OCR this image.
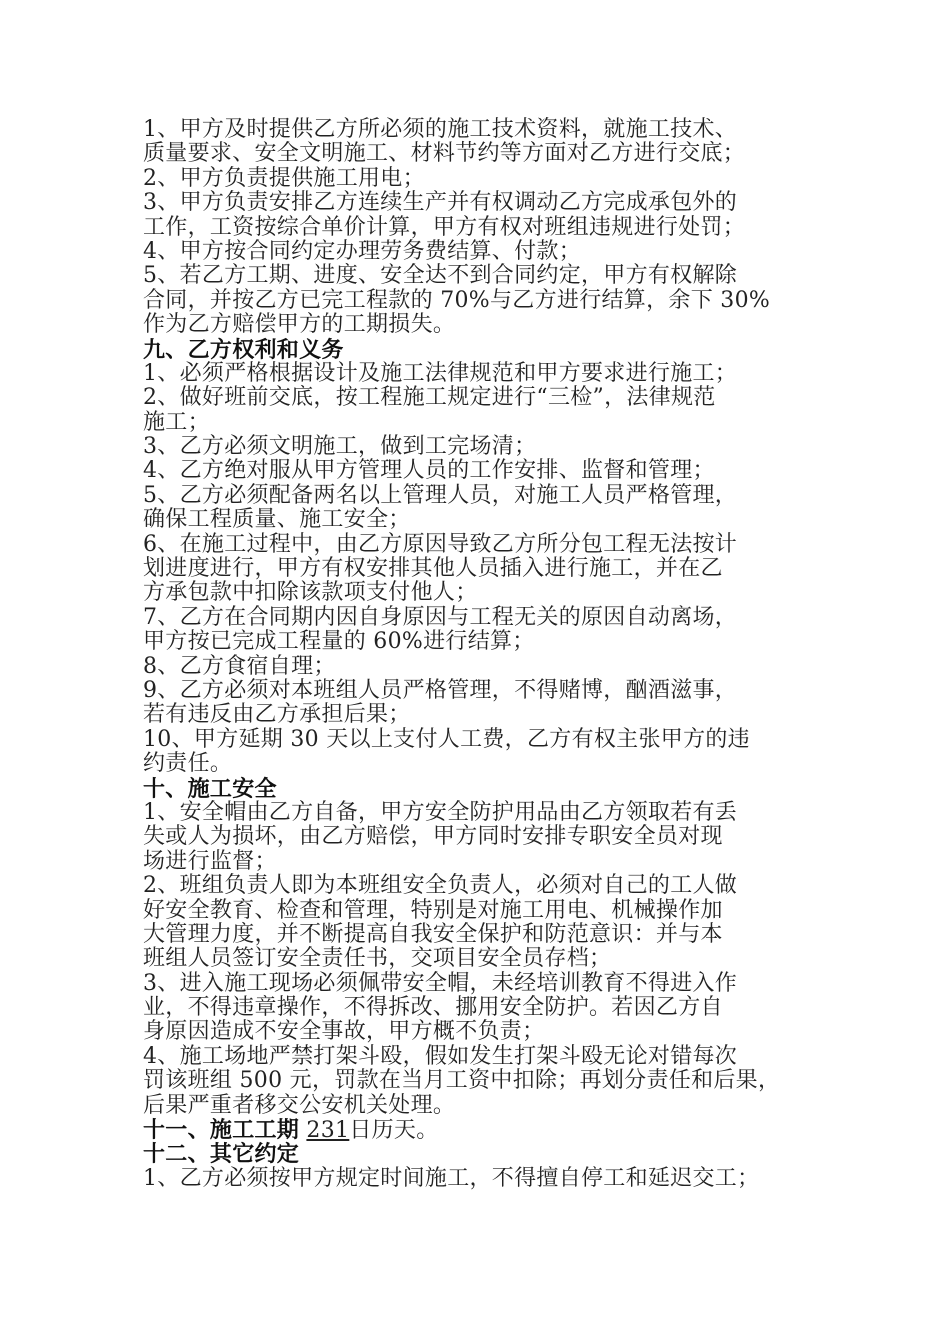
1、甲方及时提供乙方所必须的施工技术资料，就施工技术、
质量要求、安全文明施工、材料节约等方面对乙方进行交底；
2、甲方负责提供施工用电；
3、甲方负责安排乙方连续生产并有权调动乙方完成承包外的
工作，工资按综合单价计算，甲方有权对班组违规进行处罚；
4、甲方按合同约定办理劳务费结算、付款；
5、若乙方工期、进度、安全达不到合同约定，甲方有权解除
合同，并按乙方已完工程款的 70%与乙方进行结算，余下 30%
作为乙方赔偿甲方的工期损失。
九、乙方权利和义务
1、必须严格根据设计及施工法律规范和甲方要求进行施工；
2、做好班前交底，按工程施工规定进行“三检”，法律规范
施工；
3、乙方必须文明施工，做到工完场清；
4、乙方绝对服从甲方管理人员的工作安排、监督和管理；
5、乙方必须配备两名以上管理人员，对施工人员严格管理，
确保工程质量、施工安全；
6、在施工过程中，由乙方原因导致乙方所分包工程无法按计
划进度进行，甲方有权安排其他人员插入进行施工，并在乙
方承包款中扣除该款项支付他人；
7、乙方在合同期内因自身原因与工程无关的原因自动离场，
甲方按已完成工程量的 60%进行结算；
8、乙方食宿自理；
9、乙方必须对本班组人员严格管理，不得赌博，酗酒滋事，
若有违反由乙方承担后果；
10、甲方延期 30 天以上支付人工费，乙方有权主张甲方的违
约责任。
十、施工安全
1、安全帽由乙方自备，甲方安全防护用品由乙方领取若有丢
失或人为损坏，由乙方赔偿，甲方同时安排专职安全员对现
场进行监督；
2、班组负责人即为本班组安全负责人，必须对自己的工人做
好安全教育、检查和管理，特别是对施工用电、机械操作加
大管理力度，并不断提高自我安全保护和防范意识：并与本
班组人员签订安全责任书，交项目安全员存档；
3、进入施工现场必须佩带安全帽，未经培训教育不得进入作
业，不得违章操作，不得拆改、挪用安全防护。若因乙方自
身原因造成不安全事故，甲方概不负责；
4、施工场地严禁打架斗殴，假如发生打架斗殴无论对错每次
罚该班组 500 元，罚款在当月工资中扣除；再划分责任和后果，
后果严重者移交公安机关处理。
十一、施工工期 231日历天。
十二、其它约定
1、乙方必须按甲方规定时间施工，不得擅自停工和延迟交工；
